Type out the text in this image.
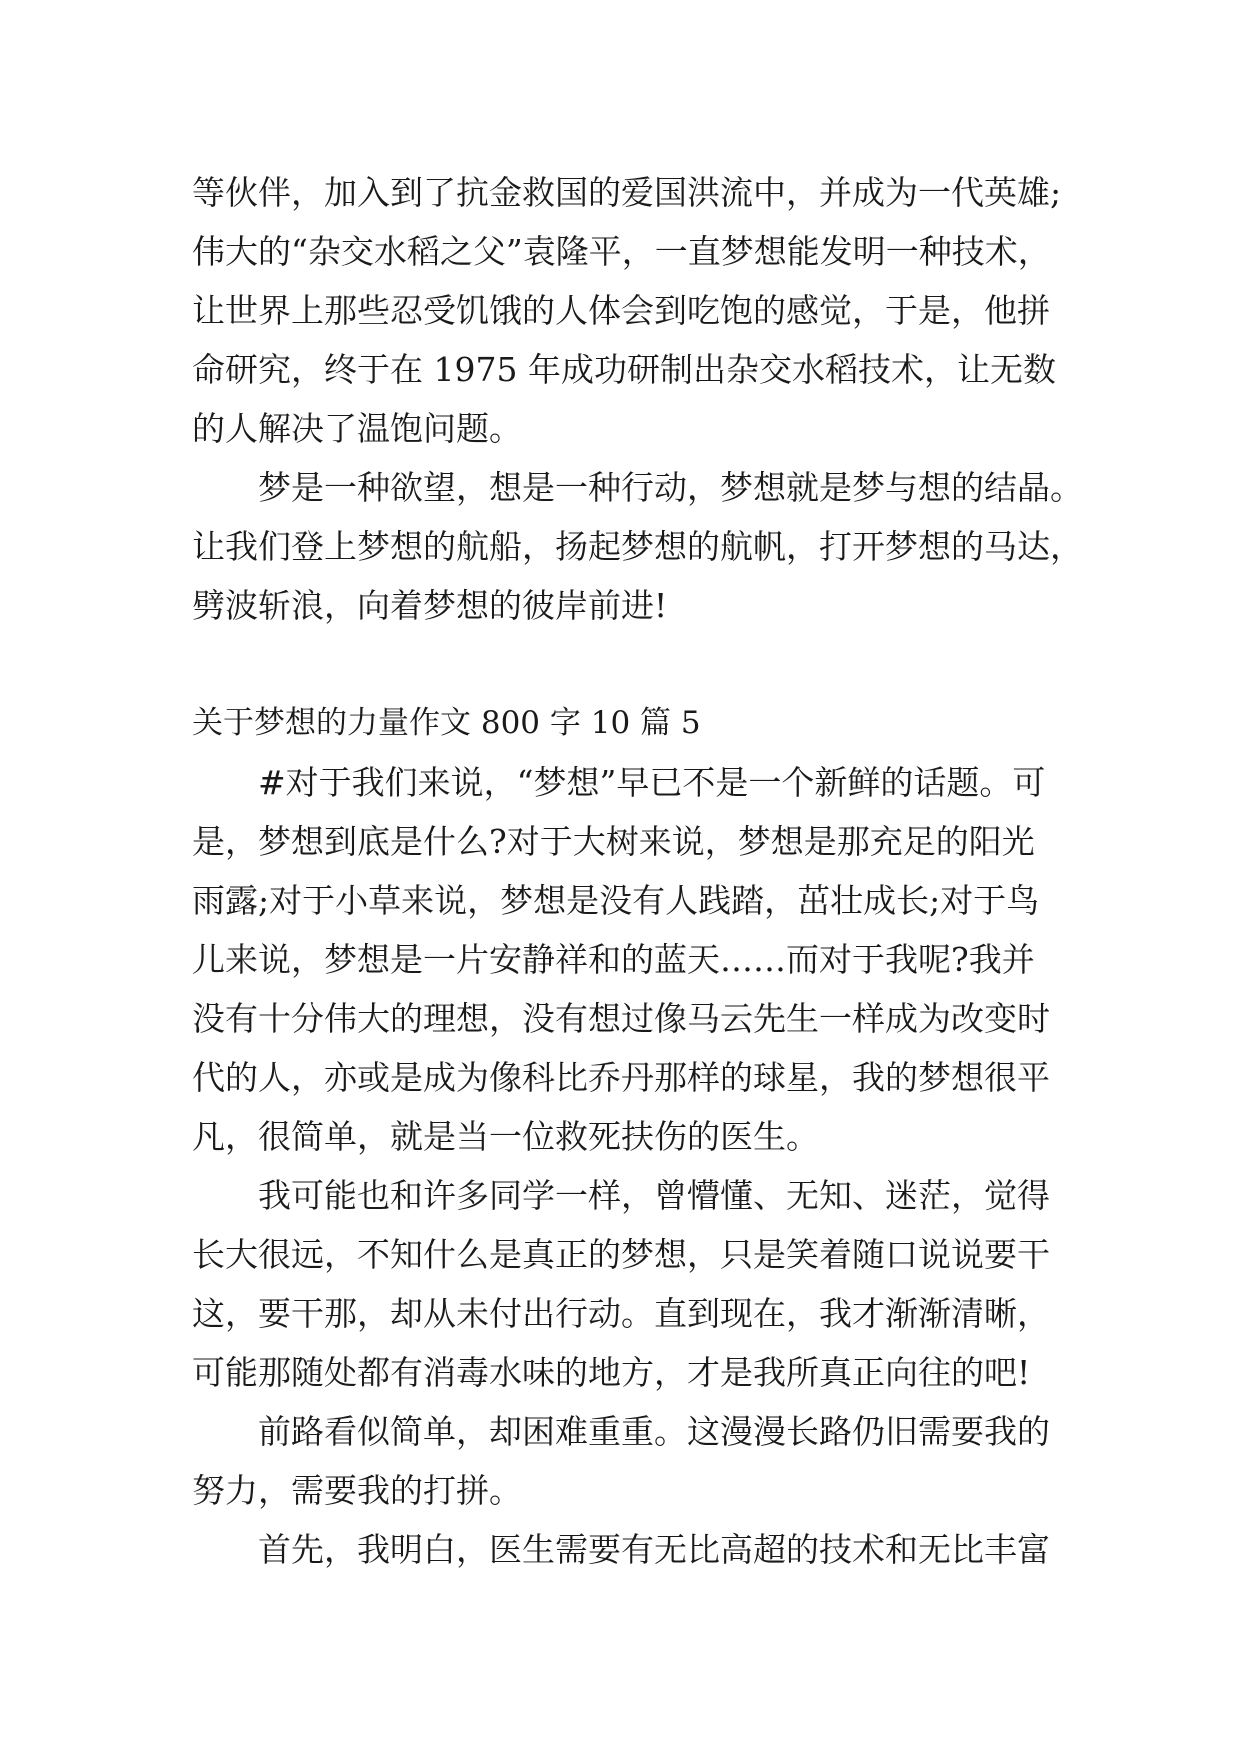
等伙伴，加入到了抗金救国的爱国洪流中，并成为一代英雄;
伟大的“杂交水稻之父”袁隆平，一直梦想能发明一种技术，
让世界上那些忍受饥饿的人体会到吃饱的感觉，于是，他拼
命研究，终于在 1975 年成功研制出杂交水稻技术，让无数
的人解决了温饱问题。
梦是一种欲望，想是一种行动，梦想就是梦与想的结晶。
让我们登上梦想的航船，扬起梦想的航帆，打开梦想的马达，
劈波斩浪，向着梦想的彼岸前进!
关于梦想的力量作文 800 字 10 篇 5
#对于我们来说，“梦想”早已不是一个新鲜的话题。可
是，梦想到底是什么?对于大树来说，梦想是那充足的阳光
雨露;对于小草来说，梦想是没有人践踏，茁壮成长;对于鸟
儿来说，梦想是一片安静祥和的蓝天……而对于我呢?我并
没有十分伟大的理想，没有想过像马云先生一样成为改变时
代的人，亦或是成为像科比乔丹那样的球星，我的梦想很平
凡，很简单，就是当一位救死扶伤的医生。
我可能也和许多同学一样，曾懵懂、无知、迷茫，觉得
长大很远，不知什么是真正的梦想，只是笑着随口说说要干
这，要干那，却从未付出行动。直到现在，我才渐渐清晰，
可能那随处都有消毒水味的地方，才是我所真正向往的吧!
前路看似简单，却困难重重。这漫漫长路仍旧需要我的
努力，需要我的打拼。
首先，我明白，医生需要有无比高超的技术和无比丰富
